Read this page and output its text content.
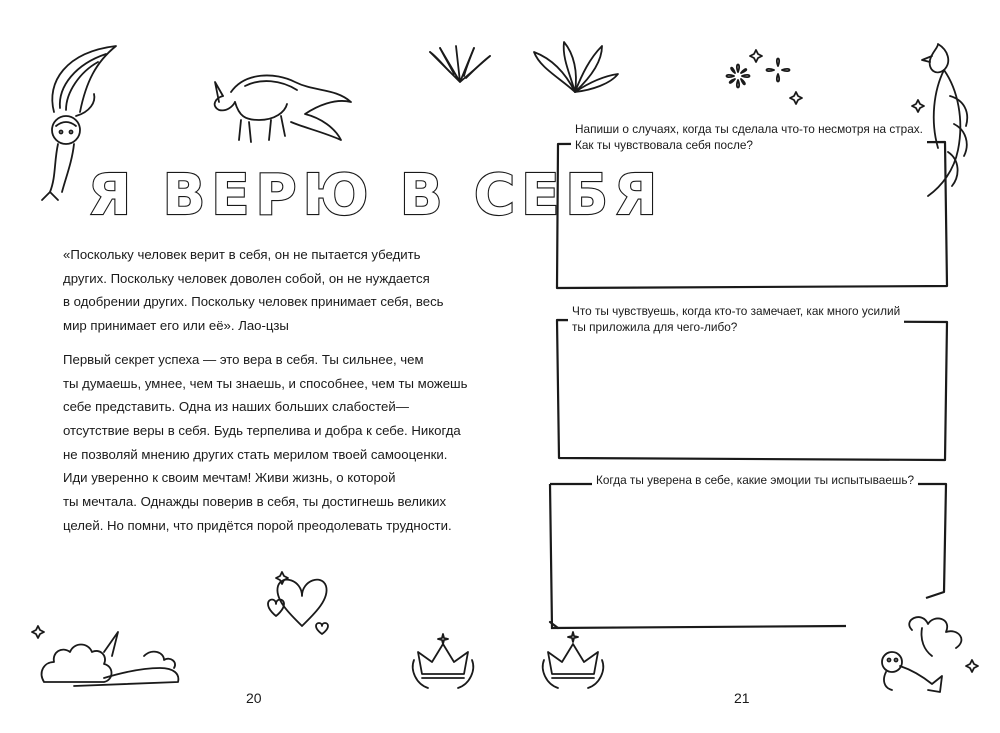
Я ВЕРЮ В СЕБЯ
«Поскольку человек верит в себя, он не пытается убедить
других. Поскольку человек доволен собой, он не нуждается
в одобрении других. Поскольку человек принимает себя, весь
мир принимает его или её». Лао-цзы
Первый секрет успеха — это вера в себя. Ты сильнее, чем
ты думаешь, умнее, чем ты знаешь, и способнее, чем ты можешь
себе представить. Одна из наших больших слабостей—
отсутствие веры в себя. Будь терпелива и добра к себе. Никогда
не позволяй мнению других стать мерилом твоей самооценки.
Иди уверенно к своим мечтам! Живи жизнь, о которой
ты мечтала. Однажды поверив в себя, ты достигнешь великих
целей. Но помни, что придётся порой преодолевать трудности.
20
Напиши о случаях, когда ты сделала что-то несмотря на страх.
Как ты чувствовала себя после?
Что ты чувствуешь, когда кто-то замечает, как много усилий
ты приложила для чего-либо?
Когда ты уверена в себе, какие эмоции ты испытываешь?
21
